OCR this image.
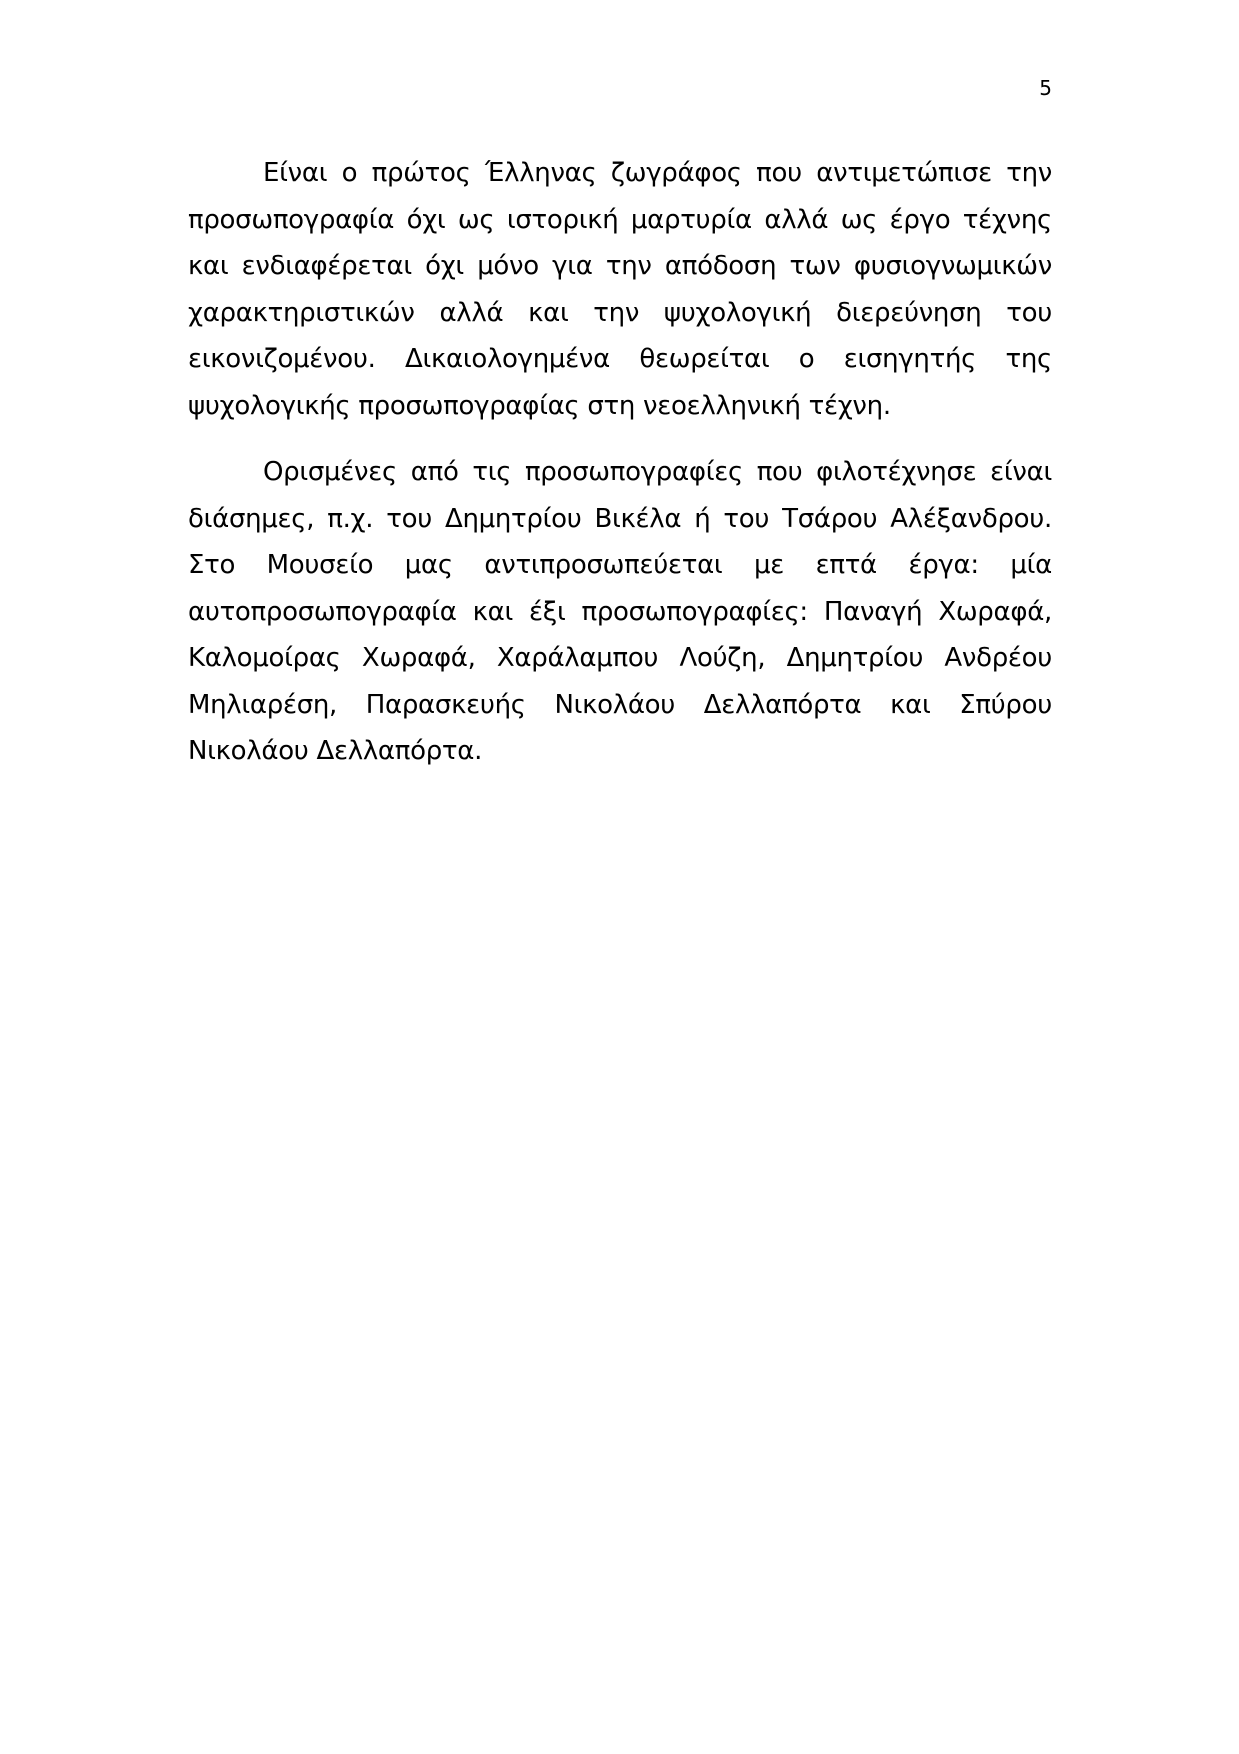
5

Είναι ο πρώτος Έλληνας ζωγράφος που αντιμετώπισε την προσωπογραφία όχι ως ιστορική μαρτυρία αλλά ως έργο τέχνης και ενδιαφέρεται όχι μόνο για την απόδοση των φυσιογνωμικών χαρακτηριστικών αλλά και την ψυχολογική διερεύνηση του εικονιζομένου. Δικαιολογημένα θεωρείται ο εισηγητής της ψυχολογικής προσωπογραφίας στη νεοελληνική τέχνη.

Ορισμένες από τις προσωπογραφίες που φιλοτέχνησε είναι διάσημες, π.χ. του Δημητρίου Βικέλα ή του Τσάρου Αλέξανδρου. Στο Μουσείο μας αντιπροσωπεύεται με επτά έργα: μία αυτοπροσωπογραφία και έξι προσωπογραφίες: Παναγή Χωραφά, Καλομοίρας Χωραφά, Χαράλαμπου Λούζη, Δημητρίου Ανδρέου Μηλιαρέση, Παρασκευής Νικολάου Δελλαπόρτα και Σπύρου Νικολάου Δελλαπόρτα.
